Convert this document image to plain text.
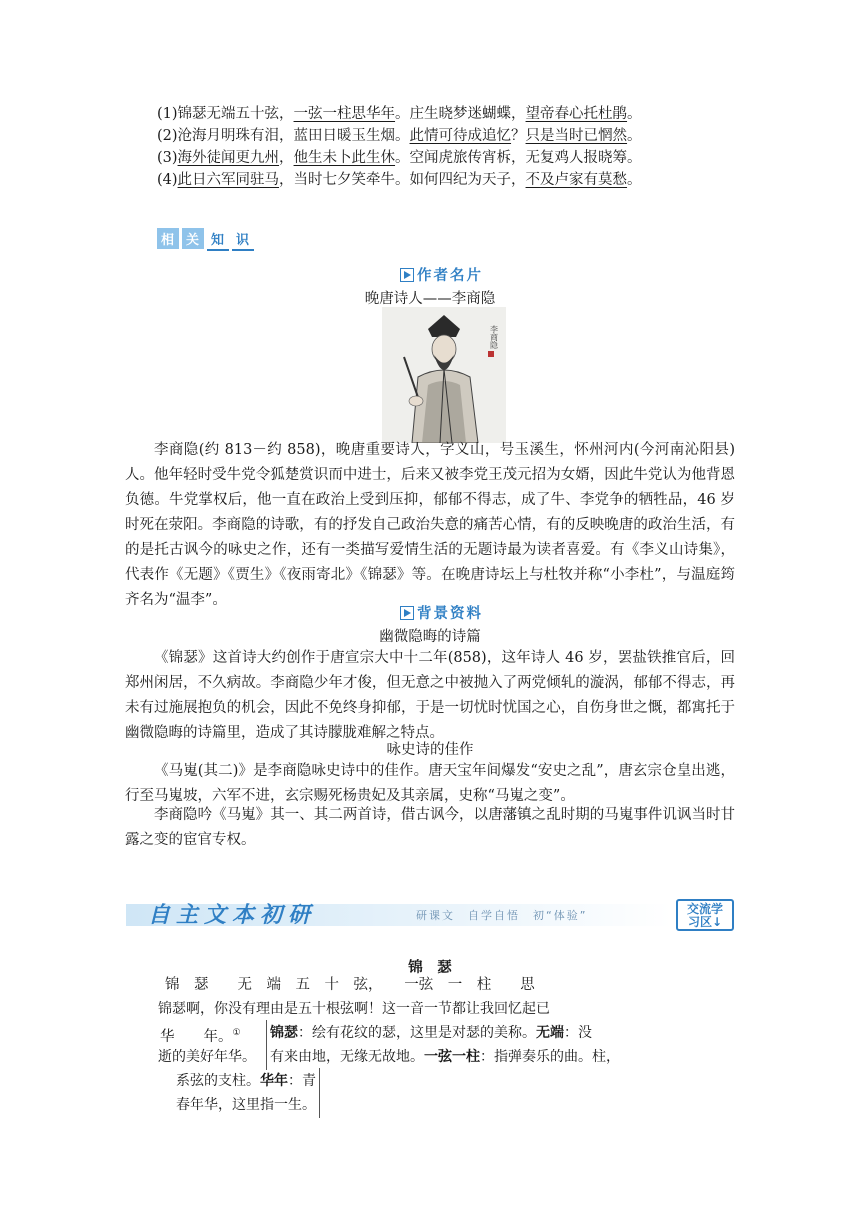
(1)锦瑟无端五十弦，一弦一柱思华年。庄生晓梦迷蝴蝶，望帝春心托杜鹃。
(2)沧海月明珠有泪，蓝田日暖玉生烟。此情可待成追忆？只是当时已惘然。
(3)海外徒闻更九州，他生未卜此生休。空闻虎旅传宵柝，无复鸡人报晓筹。
(4)此日六军同驻马，当时七夕笑牵牛。如何四纪为天子，不及卢家有莫愁。
相 关 知 识
作者名片
晚唐诗人——李商隐
李商隐
李商隐(约 813－约 858)，晚唐重要诗人，字义山，号玉溪生，怀州河内(今河南沁阳县)人。他年轻时受牛党令狐楚赏识而中进士，后来又被李党王茂元招为女婿，因此牛党认为他背恩负德。牛党掌权后，他一直在政治上受到压抑，郁郁不得志，成了牛、李党争的牺牲品，46 岁时死在荥阳。李商隐的诗歌，有的抒发自己政治失意的痛苦心情，有的反映晚唐的政治生活，有的是托古讽今的咏史之作，还有一类描写爱情生活的无题诗最为读者喜爱。有《李义山诗集》，代表作《无题》《贾生》《夜雨寄北》《锦瑟》等。在晚唐诗坛上与杜牧并称“小李杜”，与温庭筠齐名为“温李”。
背景资料
幽微隐晦的诗篇
《锦瑟》这首诗大约创作于唐宣宗大中十二年(858)，这年诗人 46 岁，罢盐铁推官后，回郑州闲居，不久病故。李商隐少年才俊，但无意之中被抛入了两党倾轧的漩涡，郁郁不得志，再未有过施展抱负的机会，因此不免终身抑郁，于是一切忧时忧国之心，自伤身世之慨，都寓托于幽微隐晦的诗篇里，造成了其诗朦胧难解之特点。
咏史诗的佳作
《马嵬(其二)》是李商隐咏史诗中的佳作。唐天宝年间爆发“安史之乱”，唐玄宗仓皇出逃，行至马嵬坡，六军不进，玄宗赐死杨贵妃及其亲属，史称“马嵬之变”。
李商隐吟《马嵬》其一、其二两首诗，借古讽今，以唐藩镇之乱时期的马嵬事件讥讽当时甘露之变的宦官专权。
自主文本初研	研课文　自学自悟　初“体验”	交流学
习区↓
锦　瑟
锦　瑟　　无　端　五　十　弦，　　一弦　一　柱　　思
锦瑟啊，你没有理由是五十根弦啊！这一音一节都让我回忆起已
华　　年。① 锦瑟：绘有花纹的瑟，这里是对瑟的美称。无端：没
逝的美好年华。 有来由地，无缘无故地。一弦一柱：指弹奏乐的曲。柱，
系弦的支柱。华年：青
春年华，这里指一生。
